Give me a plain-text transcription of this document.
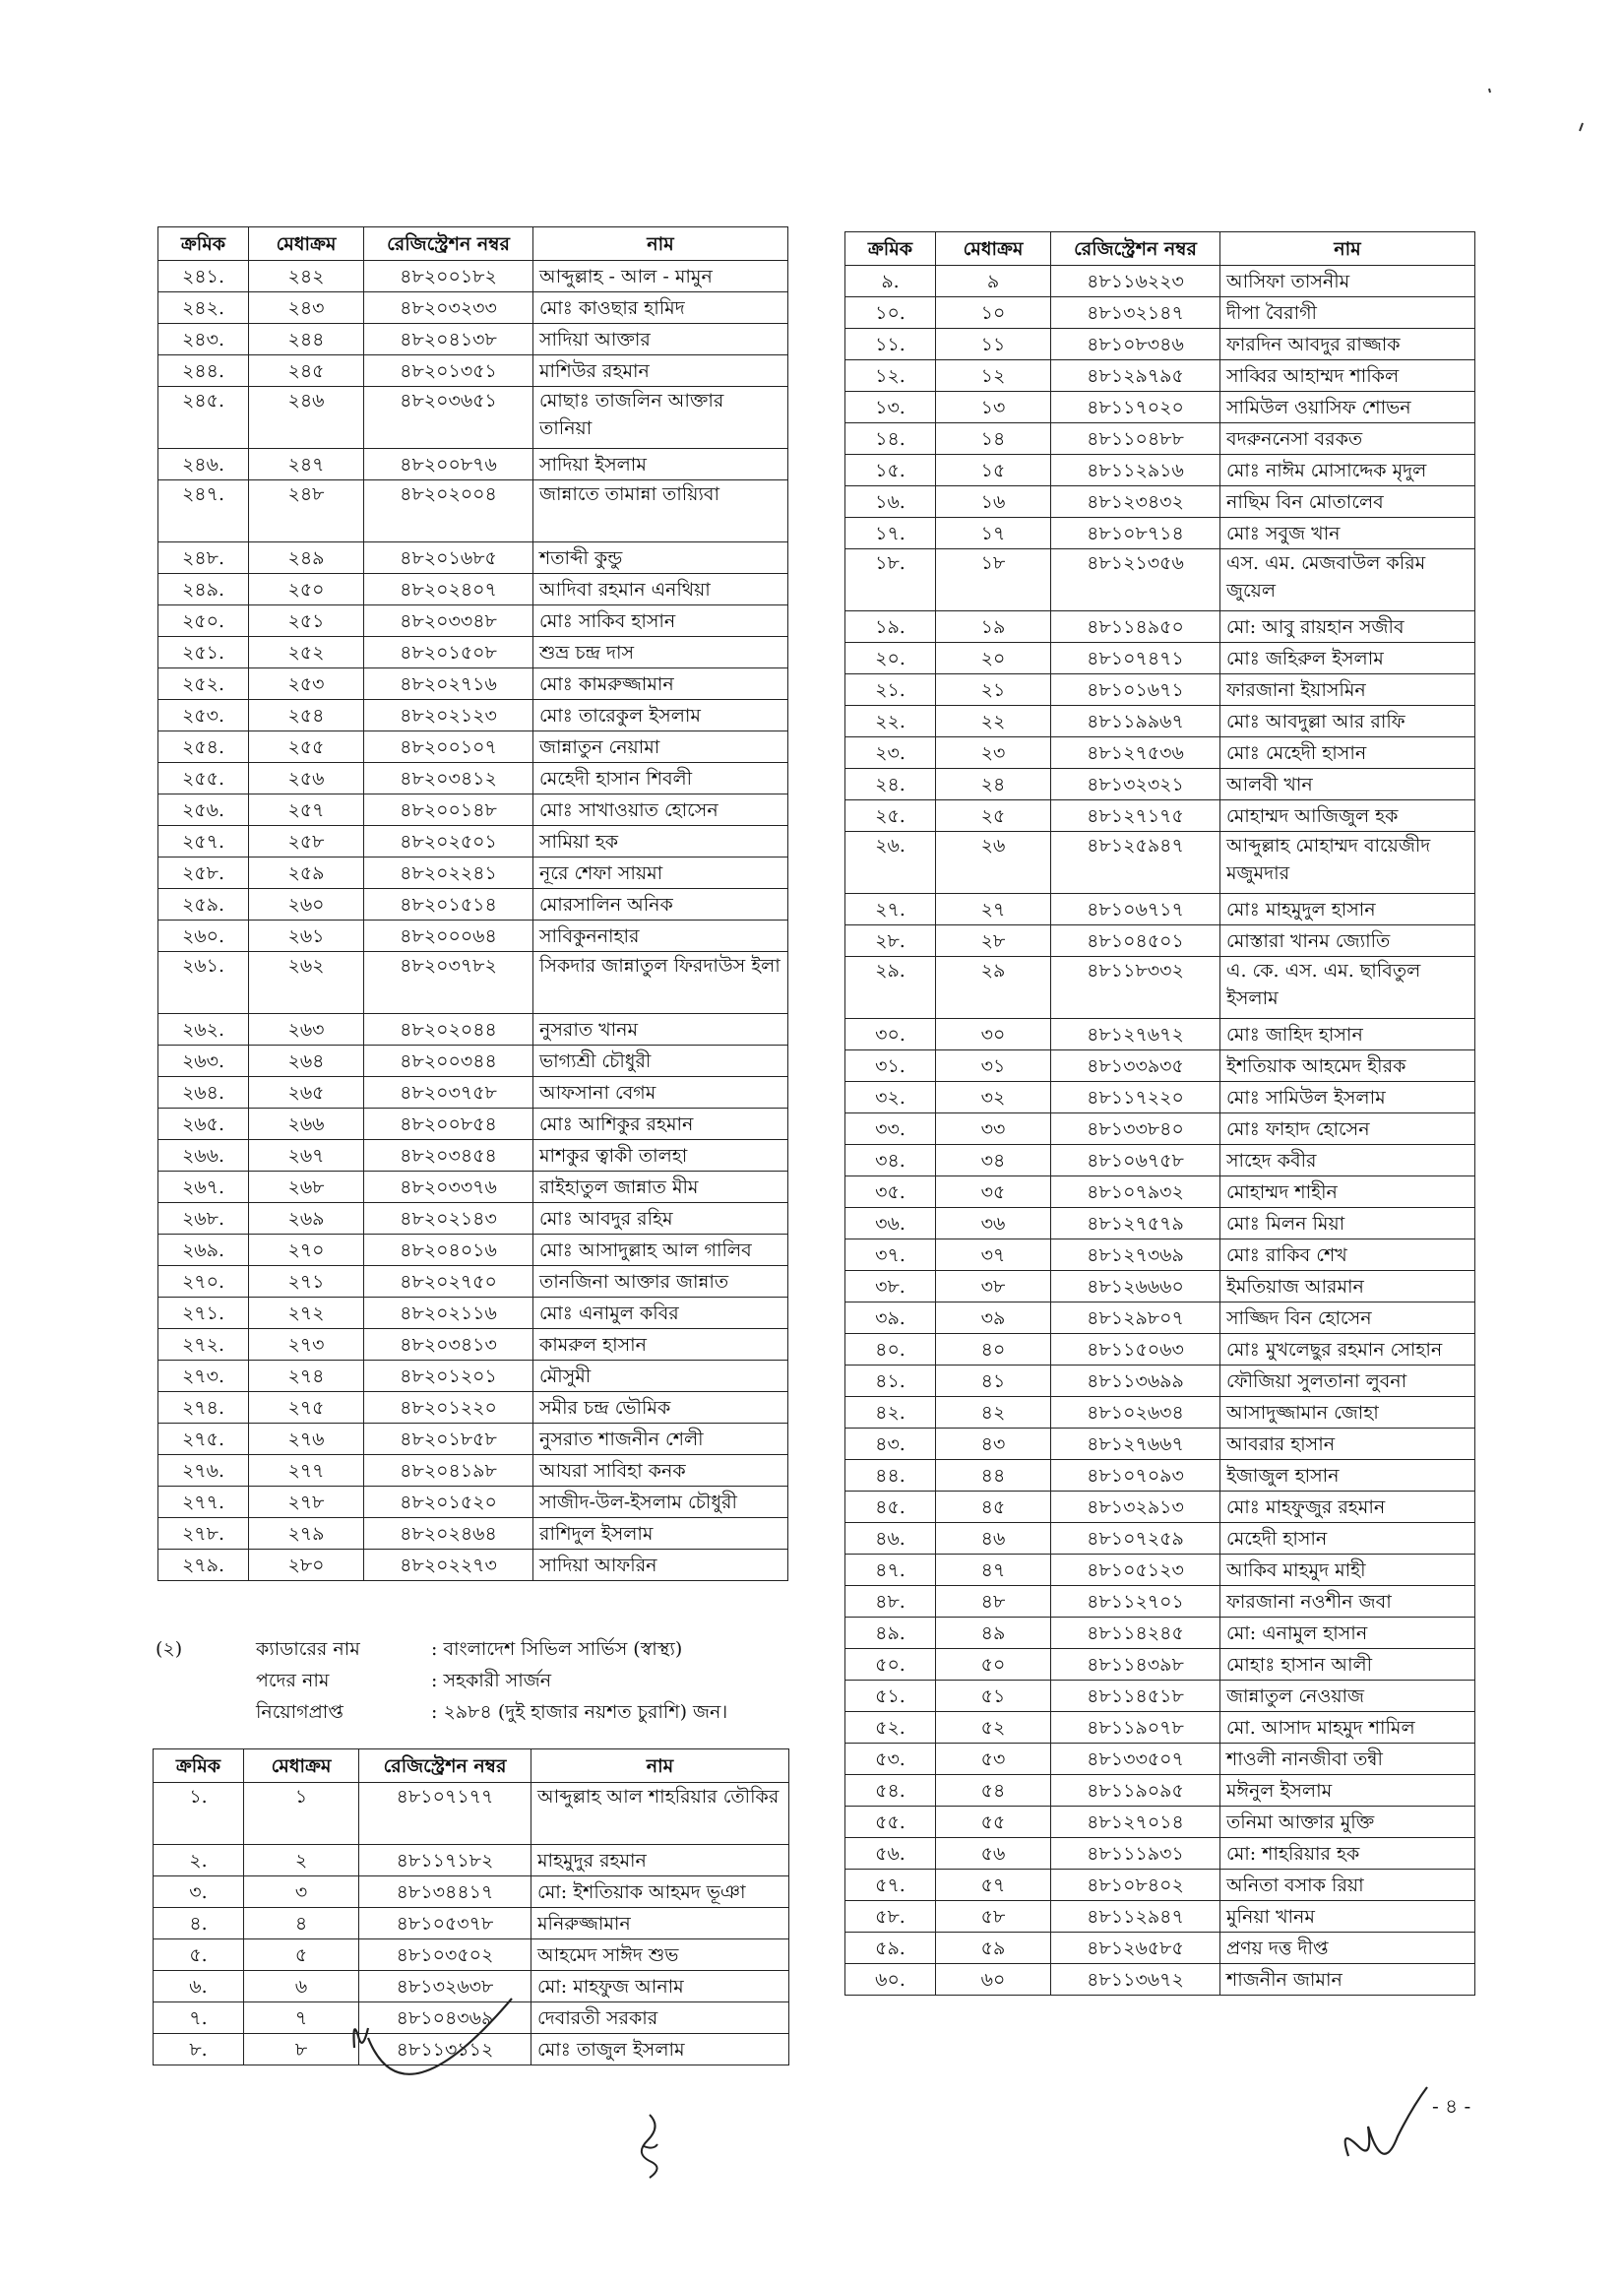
ক্রমিক	মেধাক্রম	রেজিস্ট্রেশন নম্বর	নাম
২৪১.	২৪২	৪৮২০০১৮২	আব্দুল্লাহ - আল - মামুন
২৪২.	২৪৩	৪৮২০৩২৩৩	মোঃ কাওছার হামিদ
২৪৩.	২৪৪	৪৮২০৪১৩৮	সাদিয়া আক্তার
২৪৪.	২৪৫	৪৮২০১৩৫১	মাশিউর রহমান
২৪৫.	২৪৬	৪৮২০৩৬৫১	মোছাঃ তাজলিন আক্তার তানিয়া
২৪৬.	২৪৭	৪৮২০০৮৭৬	সাদিয়া ইসলাম
২৪৭.	২৪৮	৪৮২০২০০৪	জান্নাতে তামান্না তায়্যিবা
২৪৮.	২৪৯	৪৮২০১৬৮৫	শতাব্দী কুন্ডু
২৪৯.	২৫০	৪৮২০২৪০৭	আদিবা রহমান এনথিয়া
২৫০.	২৫১	৪৮২০৩৩৪৮	মোঃ সাকিব হাসান
২৫১.	২৫২	৪৮২০১৫০৮	শুভ্র চন্দ্র দাস
২৫২.	২৫৩	৪৮২০২৭১৬	মোঃ কামরুজ্জামান
২৫৩.	২৫৪	৪৮২০২১২৩	মোঃ তারেকুল ইসলাম
২৫৪.	২৫৫	৪৮২০০১০৭	জান্নাতুন নেয়ামা
২৫৫.	২৫৬	৪৮২০৩৪১২	মেহেদী হাসান শিবলী
২৫৬.	২৫৭	৪৮২০০১৪৮	মোঃ সাখাওয়াত হোসেন
২৫৭.	২৫৮	৪৮২০২৫০১	সামিয়া হক
২৫৮.	২৫৯	৪৮২০২২৪১	নূরে শেফা সায়মা
২৫৯.	২৬০	৪৮২০১৫১৪	মোরসালিন অনিক
২৬০.	২৬১	৪৮২০০০৬৪	সাবিকুননাহার
২৬১.	২৬২	৪৮২০৩৭৮২	সিকদার জান্নাতুল ফিরদাউস ইলা
২৬২.	২৬৩	৪৮২০২০৪৪	নুসরাত খানম
২৬৩.	২৬৪	৪৮২০০৩৪৪	ভাগ্যশ্রী চৌধুরী
২৬৪.	২৬৫	৪৮২০৩৭৫৮	আফসানা বেগম
২৬৫.	২৬৬	৪৮২০০৮৫৪	মোঃ আশিকুর রহমান
২৬৬.	২৬৭	৪৮২০৩৪৫৪	মাশকুর ত্বাকী তালহা
২৬৭.	২৬৮	৪৮২০৩৩৭৬	রাইহাতুল জান্নাত মীম
২৬৮.	২৬৯	৪৮২০২১৪৩	মোঃ আবদুর রহিম
২৬৯.	২৭০	৪৮২০৪০১৬	মোঃ আসাদুল্লাহ আল গালিব
২৭০.	২৭১	৪৮২০২৭৫০	তানজিনা আক্তার জান্নাত
২৭১.	২৭২	৪৮২০২১১৬	মোঃ এনামুল কবির
২৭২.	২৭৩	৪৮২০৩৪১৩	কামরুল হাসান
২৭৩.	২৭৪	৪৮২০১২০১	মৌসুমী
২৭৪.	২৭৫	৪৮২০১২২০	সমীর চন্দ্র ভৌমিক
২৭৫.	২৭৬	৪৮২০১৮৫৮	নুসরাত শাজনীন শেলী
২৭৬.	২৭৭	৪৮২০৪১৯৮	আযরা সাবিহা কনক
২৭৭.	২৭৮	৪৮২০১৫২০	সাজীদ-উল-ইসলাম চৌধুরী
২৭৮.	২৭৯	৪৮২০২৪৬৪	রাশিদুল ইসলাম
২৭৯.	২৮০	৪৮২০২২৭৩	সাদিয়া আফরিন
ক্রমিক	মেধাক্রম	রেজিস্ট্রেশন নম্বর	নাম
৯.	৯	৪৮১১৬২২৩	আসিফা তাসনীম
১০.	১০	৪৮১৩২১৪৭	দীপা বৈরাগী
১১.	১১	৪৮১০৮৩৪৬	ফারদিন আবদুর রাজ্জাক
১২.	১২	৪৮১২৯৭৯৫	সাব্বির আহাম্মদ শাকিল
১৩.	১৩	৪৮১১৭০২০	সামিউল ওয়াসিফ শোভন
১৪.	১৪	৪৮১১০৪৮৮	বদরুননেসা বরকত
১৫.	১৫	৪৮১১২৯১৬	মোঃ নাঈম মোসাদ্দেক মৃদুল
১৬.	১৬	৪৮১২৩৪৩২	নাছিম বিন মোতালেব
১৭.	১৭	৪৮১০৮৭১৪	মোঃ সবুজ খান
১৮.	১৮	৪৮১২১৩৫৬	এস. এম. মেজবাউল করিম জুয়েল
১৯.	১৯	৪৮১১৪৯৫০	মো: আবু রায়হান সজীব
২০.	২০	৪৮১০৭৪৭১	মোঃ জহিরুল ইসলাম
২১.	২১	৪৮১০১৬৭১	ফারজানা ইয়াসমিন
২২.	২২	৪৮১১৯৯৬৭	মোঃ আবদুল্লা আর রাফি
২৩.	২৩	৪৮১২৭৫৩৬	মোঃ মেহেদী হাসান
২৪.	২৪	৪৮১৩২৩২১	আলবী খান
২৫.	২৫	৪৮১২৭১৭৫	মোহাম্মদ আজিজুল হক
২৬.	২৬	৪৮১২৫৯৪৭	আব্দুল্লাহ মোহাম্মদ বায়েজীদ মজুমদার
২৭.	২৭	৪৮১০৬৭১৭	মোঃ মাহমুদুল হাসান
২৮.	২৮	৪৮১০৪৫০১	মোস্তারা খানম জ্যোতি
২৯.	২৯	৪৮১১৮৩৩২	এ. কে. এস. এম. ছাবিতুল ইসলাম
৩০.	৩০	৪৮১২৭৬৭২	মোঃ জাহিদ হাসান
৩১.	৩১	৪৮১৩৩৯৩৫	ইশতিয়াক আহমেদ হীরক
৩২.	৩২	৪৮১১৭২২০	মোঃ সামিউল ইসলাম
৩৩.	৩৩	৪৮১৩৩৮৪০	মোঃ ফাহাদ হোসেন
৩৪.	৩৪	৪৮১০৬৭৫৮	সাহেদ কবীর
৩৫.	৩৫	৪৮১০৭৯৩২	মোহাম্মদ শাহীন
৩৬.	৩৬	৪৮১২৭৫৭৯	মোঃ মিলন মিয়া
৩৭.	৩৭	৪৮১২৭৩৬৯	মোঃ রাকিব শেখ
৩৮.	৩৮	৪৮১২৬৬৬০	ইমতিয়াজ আরমান
৩৯.	৩৯	৪৮১২৯৮০৭	সাজ্জিদ বিন হোসেন
৪০.	৪০	৪৮১১৫০৬৩	মোঃ মুখলেছুর রহমান সোহান
৪১.	৪১	৪৮১১৩৬৯৯	ফৌজিয়া সুলতানা লুবনা
৪২.	৪২	৪৮১০২৬৩৪	আসাদুজ্জামান জোহা
৪৩.	৪৩	৪৮১২৭৬৬৭	আবরার হাসান
৪৪.	৪৪	৪৮১০৭০৯৩	ইজাজুল হাসান
৪৫.	৪৫	৪৮১৩২৯১৩	মোঃ মাহফুজুর রহমান
৪৬.	৪৬	৪৮১০৭২৫৯	মেহেদী হাসান
৪৭.	৪৭	৪৮১০৫১২৩	আকিব মাহমুদ মাহী
৪৮.	৪৮	৪৮১১২৭০১	ফারজানা নওশীন জবা
৪৯.	৪৯	৪৮১১৪২৪৫	মো: এনামুল হাসান
৫০.	৫০	৪৮১১৪৩৯৮	মোহাঃ হাসান আলী
৫১.	৫১	৪৮১১৪৫১৮	জান্নাতুল নেওয়াজ
৫২.	৫২	৪৮১১৯০৭৮	মো. আসাদ মাহমুদ শামিল
৫৩.	৫৩	৪৮১৩৩৫০৭	শাওলী নানজীবা তন্বী
৫৪.	৫৪	৪৮১১৯০৯৫	মঈনুল ইসলাম
৫৫.	৫৫	৪৮১২৭০১৪	তনিমা আক্তার মুক্তি
৫৬.	৫৬	৪৮১১১৯৩১	মো: শাহরিয়ার হক
৫৭.	৫৭	৪৮১০৮৪০২	অনিতা বসাক রিয়া
৫৮.	৫৮	৪৮১১২৯৪৭	মুনিয়া খানম
৫৯.	৫৯	৪৮১২৬৫৮৫	প্রণয় দত্ত দীপ্ত
৬০.	৬০	৪৮১১৩৬৭২	শাজনীন জামান
(২)	ক্যাডারের নাম	: বাংলাদেশ সিভিল সার্ভিস (স্বাস্থ্য)
পদের নাম	: সহকারী সার্জন
নিয়োগপ্রাপ্ত	: ২৯৮৪ (দুই হাজার নয়শত চুরাশি) জন।
ক্রমিক	মেধাক্রম	রেজিস্ট্রেশন নম্বর	নাম
১.	১	৪৮১০৭১৭৭	আব্দুল্লাহ আল শাহরিয়ার তৌকির
২.	২	৪৮১১৭১৮২	মাহমুদুর রহমান
৩.	৩	৪৮১৩৪৪১৭	মো: ইশতিয়াক আহমদ ভূঞা
৪.	৪	৪৮১০৫৩৭৮	মনিরুজ্জামান
৫.	৫	৪৮১০৩৫০২	আহমেদ সাঈদ শুভ
৬.	৬	৪৮১৩২৬৩৮	মো: মাহফুজ আনাম
৭.	৭	৪৮১০৪৩৬৯	দেবারতী সরকার
৮.	৮	৪৮১১৩১১২	মোঃ তাজুল ইসলাম
- ৪ -
